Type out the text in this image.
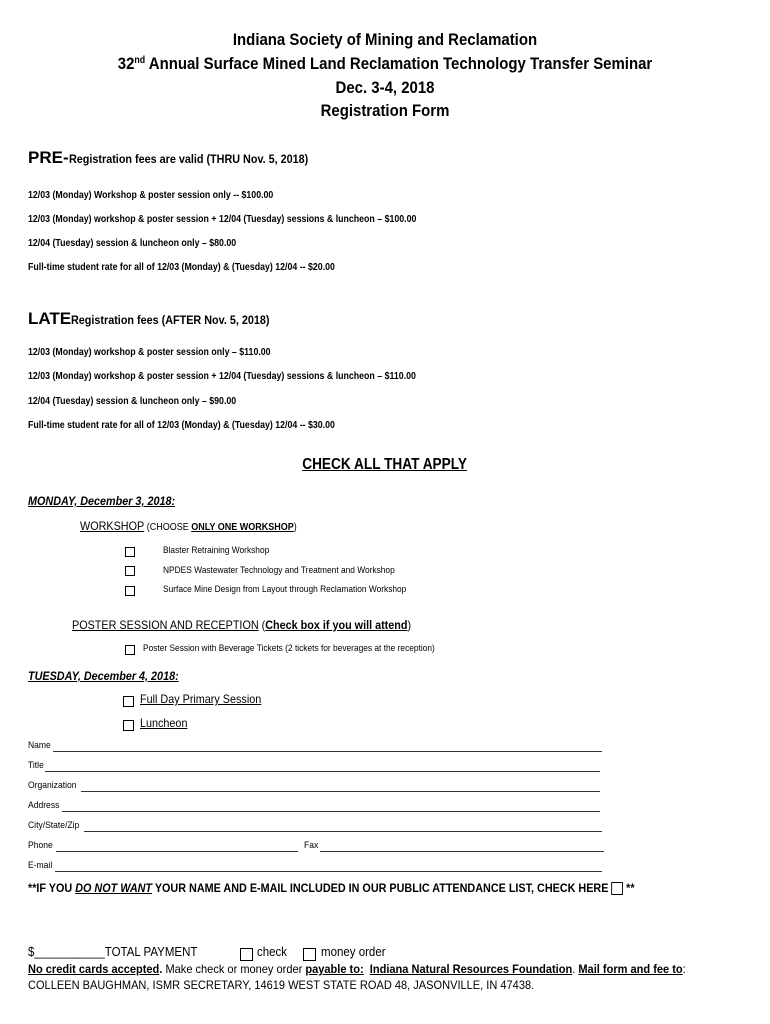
Indiana Society of Mining and Reclamation
32nd Annual Surface Mined Land Reclamation Technology Transfer Seminar
Dec. 3-4, 2018
Registration Form
PRE-Registration fees are valid (THRU Nov. 5, 2018)
12/03 (Monday) Workshop & poster session only -- $100.00
12/03 (Monday) workshop & poster session + 12/04 (Tuesday) sessions & luncheon – $100.00
12/04 (Tuesday) session & luncheon only – $80.00
Full-time student rate for all of 12/03 (Monday) & (Tuesday) 12/04 -- $20.00
LATERegistration fees (AFTER Nov. 5, 2018)
12/03 (Monday) workshop & poster session only – $110.00
12/03 (Monday) workshop & poster session + 12/04 (Tuesday) sessions & luncheon – $110.00
12/04 (Tuesday) session & luncheon only – $90.00
Full-time student rate for all of 12/03 (Monday) & (Tuesday) 12/04 -- $30.00
CHECK ALL THAT APPLY
MONDAY, December 3, 2018:
WORKSHOP (CHOOSE ONLY ONE WORKSHOP)
Blaster Retraining Workshop
NPDES Wastewater Technology and Treatment and Workshop
Surface Mine Design from Layout through Reclamation Workshop
POSTER SESSION AND RECEPTION (Check box if you will attend)
Poster Session with Beverage Tickets (2 tickets for beverages at the reception)
TUESDAY, December 4, 2018:
Full Day Primary Session
Luncheon
Name
Title
Organization
Address
City/State/Zip
Phone	Fax
E-mail
**IF YOU DO NOT WANT YOUR NAME AND E-MAIL INCLUDED IN OUR PUBLIC ATTENDANCE LIST, CHECK HERE  **
$___________TOTAL PAYMENT	check	money order
No credit cards accepted. Make check or money order payable to: Indiana Natural Resources Foundation. Mail form and fee to:
COLLEEN BAUGHMAN, ISMR SECRETARY, 14619 WEST STATE ROAD 48, JASONVILLE, IN 47438.
